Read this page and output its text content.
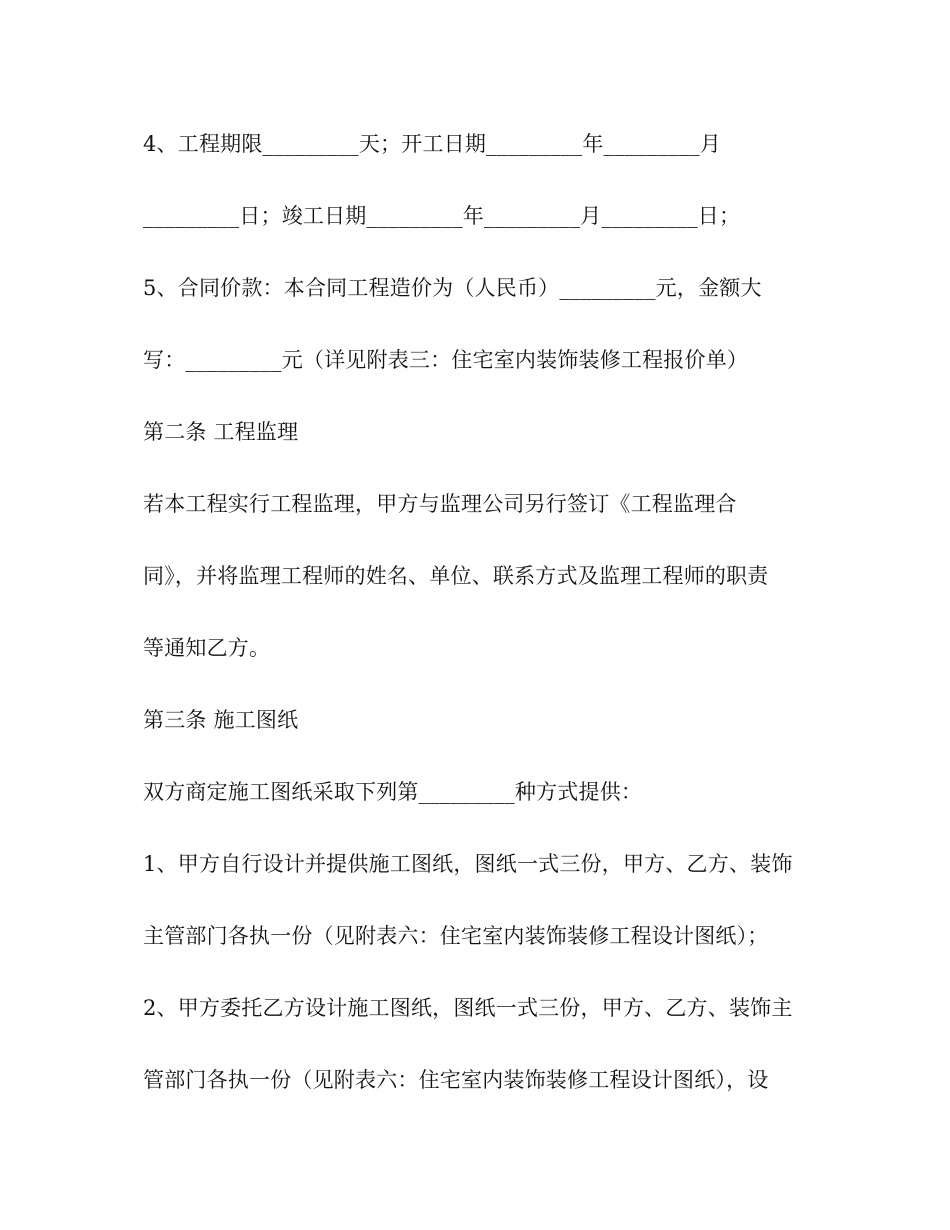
4、工程期限_________天；开工日期_________年_________月
_________日；竣工日期_________年_________月_________日；
5、合同价款：本合同工程造价为（人民币）_________元，金额大
写：_________元（详见附表三：住宅室内装饰装修工程报价单）
第二条 工程监理
若本工程实行工程监理，甲方与监理公司另行签订《工程监理合
同》，并将监理工程师的姓名、单位、联系方式及监理工程师的职责
等通知乙方。
第三条 施工图纸
双方商定施工图纸采取下列第_________种方式提供：
1、甲方自行设计并提供施工图纸，图纸一式三份，甲方、乙方、装饰
主管部门各执一份（见附表六：住宅室内装饰装修工程设计图纸）；
2、甲方委托乙方设计施工图纸，图纸一式三份，甲方、乙方、装饰主
管部门各执一份（见附表六：住宅室内装饰装修工程设计图纸），设
